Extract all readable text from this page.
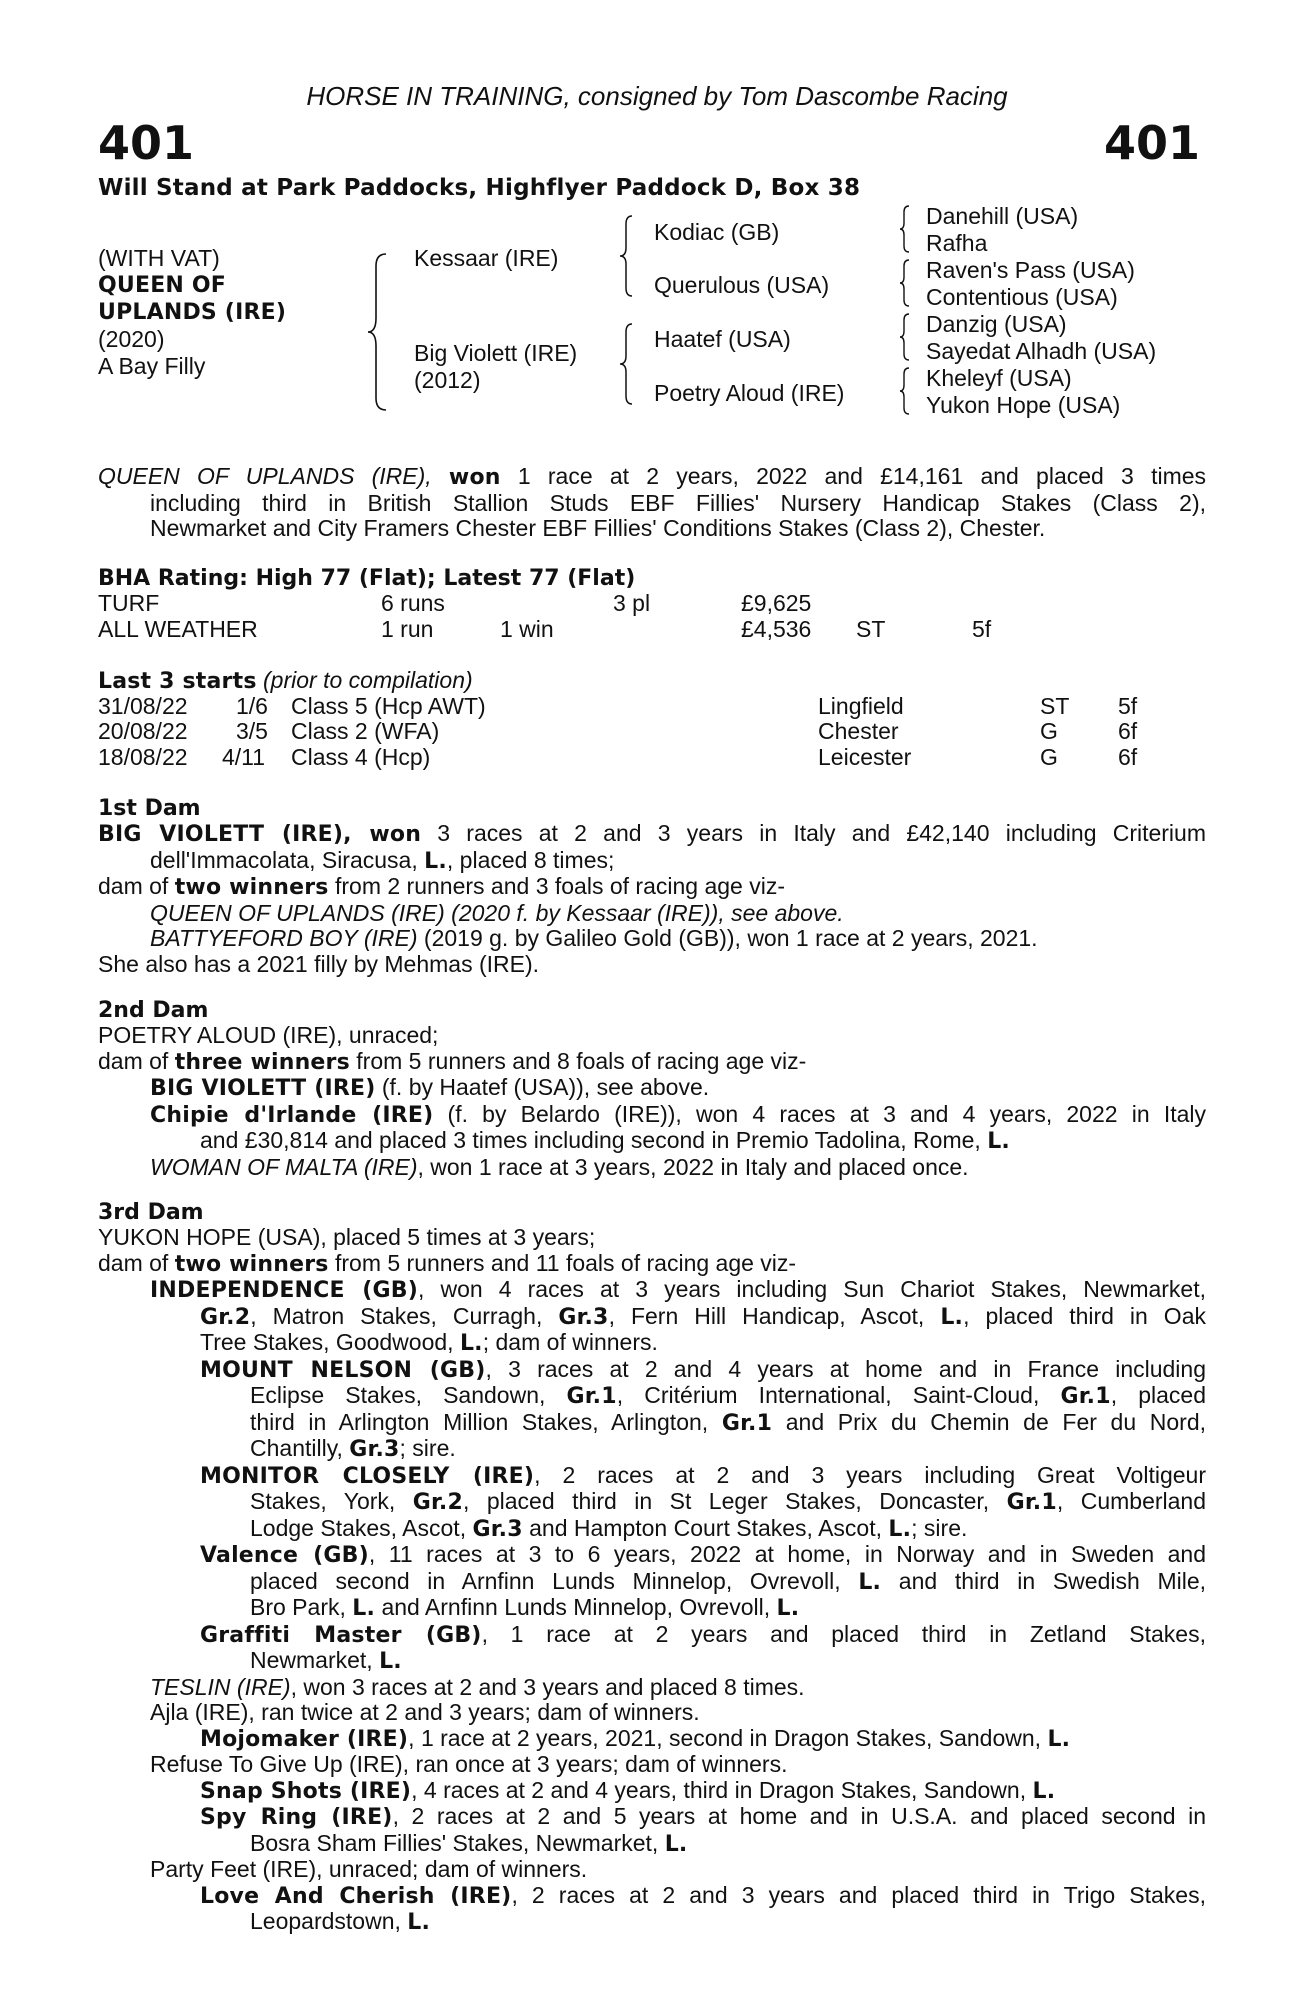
HORSE IN TRAINING, consigned by Tom Dascombe Racing
401	401
Will Stand at Park Paddocks, Highflyer Paddock D, Box 38
(WITH VAT)
QUEEN OF
UPLANDS (IRE)
(2020)
A Bay Filly
Kessaar (IRE)
Big Violett (IRE)
(2012)
Kodiac (GB)
Querulous (USA)
Haatef (USA)
Poetry Aloud (IRE)
Danehill (USA)
Rafha
Raven's Pass (USA)
Contentious (USA)
Danzig (USA)
Sayedat Alhadh (USA)
Kheleyf (USA)
Yukon Hope (USA)
QUEEN OF UPLANDS (IRE), won 1 race at 2 years, 2022 and £14,161 and placed 3 times
including third in British Stallion Studs EBF Fillies' Nursery Handicap Stakes (Class 2),
Newmarket and City Framers Chester EBF Fillies' Conditions Stakes (Class 2), Chester.
BHA Rating: High 77 (Flat); Latest 77 (Flat)
TURF	6 runs	3 pl	£9,625
ALL WEATHER	1 run	1 win	£4,536 ST	5f
Last 3 starts (prior to compilation)
31/08/22 1/6 Class 5 (Hcp AWT)	Lingfield	ST 5f
20/08/22 3/5 Class 2 (WFA)	Chester	G	6f
18/08/22 4/11 Class 4 (Hcp)	Leicester	G	6f
1st Dam
BIG VIOLETT (IRE), won 3 races at 2 and 3 years in Italy and £42,140 including Criterium
dell'Immacolata, Siracusa, L., placed 8 times;
dam of two winners from 2 runners and 3 foals of racing age viz-
QUEEN OF UPLANDS (IRE) (2020 f. by Kessaar (IRE)), see above.
BATTYEFORD BOY (IRE) (2019 g. by Galileo Gold (GB)), won 1 race at 2 years, 2021.
She also has a 2021 filly by Mehmas (IRE).
2nd Dam
POETRY ALOUD (IRE), unraced;
dam of three winners from 5 runners and 8 foals of racing age viz-
BIG VIOLETT (IRE) (f. by Haatef (USA)), see above.
Chipie d'Irlande (IRE) (f. by Belardo (IRE)), won 4 races at 3 and 4 years, 2022 in Italy
and £30,814 and placed 3 times including second in Premio Tadolina, Rome, L.
WOMAN OF MALTA (IRE), won 1 race at 3 years, 2022 in Italy and placed once.
3rd Dam
YUKON HOPE (USA), placed 5 times at 3 years;
dam of two winners from 5 runners and 11 foals of racing age viz-
INDEPENDENCE (GB), won 4 races at 3 years including Sun Chariot Stakes, Newmarket,
Gr.2, Matron Stakes, Curragh, Gr.3, Fern Hill Handicap, Ascot, L., placed third in Oak
Tree Stakes, Goodwood, L.; dam of winners.
MOUNT NELSON (GB), 3 races at 2 and 4 years at home and in France including
Eclipse Stakes, Sandown, Gr.1, Critérium International, Saint-Cloud, Gr.1, placed
third in Arlington Million Stakes, Arlington, Gr.1 and Prix du Chemin de Fer du Nord,
Chantilly, Gr.3; sire.
MONITOR CLOSELY (IRE), 2 races at 2 and 3 years including Great Voltigeur
Stakes, York, Gr.2, placed third in St Leger Stakes, Doncaster, Gr.1, Cumberland
Lodge Stakes, Ascot, Gr.3 and Hampton Court Stakes, Ascot, L.; sire.
Valence (GB), 11 races at 3 to 6 years, 2022 at home, in Norway and in Sweden and
placed second in Arnfinn Lunds Minnelop, Ovrevoll, L. and third in Swedish Mile,
Bro Park, L. and Arnfinn Lunds Minnelop, Ovrevoll, L.
Graffiti Master (GB), 1 race at 2 years and placed third in Zetland Stakes,
Newmarket, L.
TESLIN (IRE), won 3 races at 2 and 3 years and placed 8 times.
Ajla (IRE), ran twice at 2 and 3 years; dam of winners.
Mojomaker (IRE), 1 race at 2 years, 2021, second in Dragon Stakes, Sandown, L.
Refuse To Give Up (IRE), ran once at 3 years; dam of winners.
Snap Shots (IRE), 4 races at 2 and 4 years, third in Dragon Stakes, Sandown, L.
Spy Ring (IRE), 2 races at 2 and 5 years at home and in U.S.A. and placed second in
Bosra Sham Fillies' Stakes, Newmarket, L.
Party Feet (IRE), unraced; dam of winners.
Love And Cherish (IRE), 2 races at 2 and 3 years and placed third in Trigo Stakes,
Leopardstown, L.
